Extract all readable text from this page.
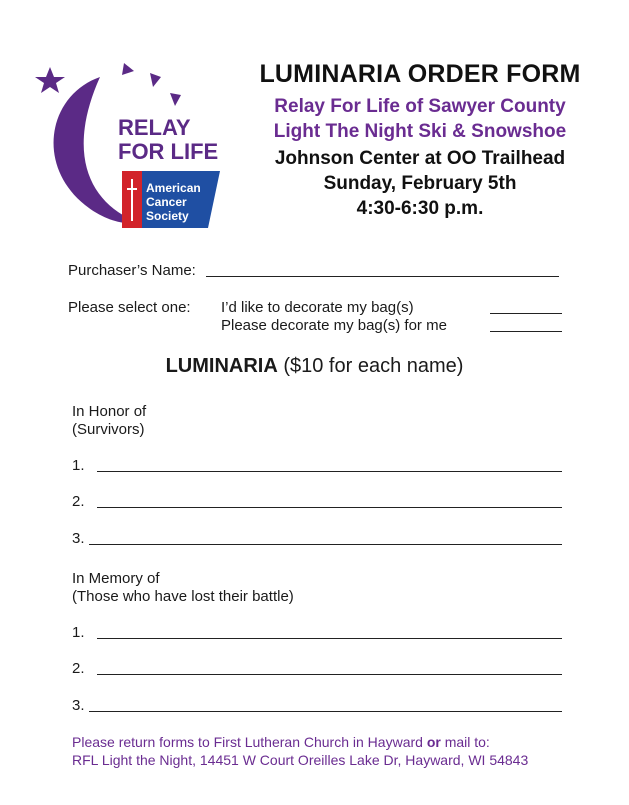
RELAY
FOR LIFE
American
Cancer
Society
LUMINARIA ORDER FORM
Relay For Life of Sawyer County
Light The Night Ski & Snowshoe
Johnson Center at OO Trailhead
Sunday, February 5th
4:30-6:30 p.m.
Purchaser’s Name:
Please select one: I’d like to decorate my bag(s)
Please decorate my bag(s) for me
LUMINARIA ($10 for each name)
In Honor of
(Survivors)
1.
2.
3.
In Memory of
(Those who have lost their battle)
1.
2.
3.
Please return forms to First Lutheran Church in Hayward or mail to:
RFL Light the Night, 14451 W Court Oreilles Lake Dr, Hayward, WI 54843
